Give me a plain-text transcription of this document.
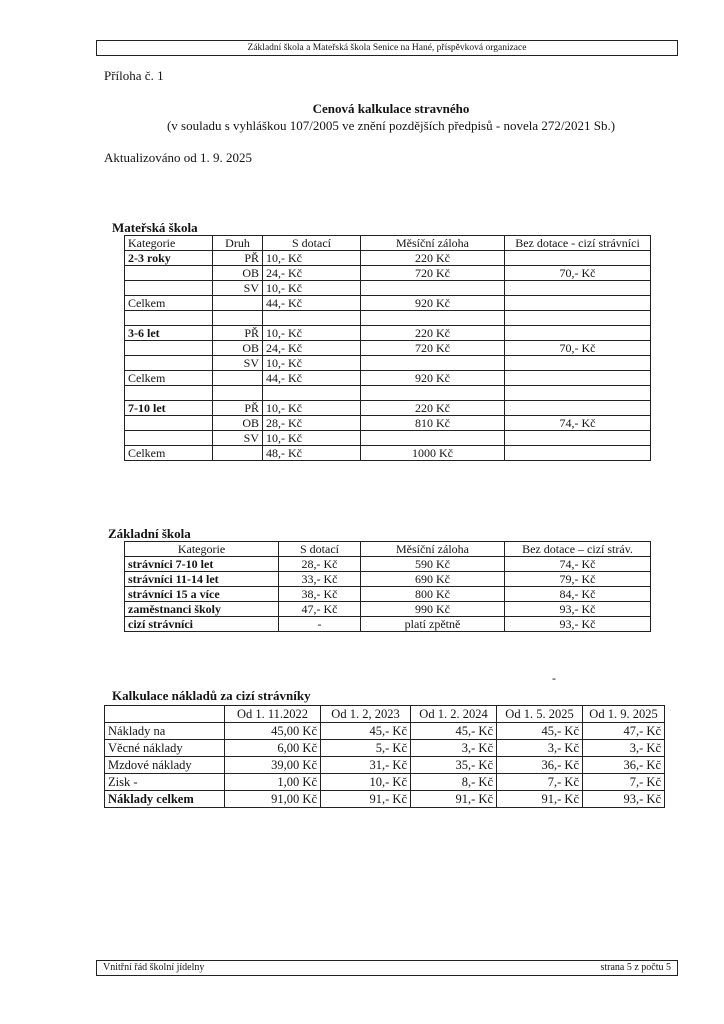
Základní škola a Mateřská škola Senice na Hané, příspěvková organizace
Příloha č. 1
Cenová kalkulace stravného
(v souladu s vyhláškou 107/2005 ve znění pozdějších předpisů - novela 272/2021 Sb.)
Aktualizováno od 1. 9. 2025
Mateřská škola
Kategorie	Druh	S dotací	Měsíční záloha	Bez dotace - cizí strávníci
2-3 roky	PŘ	10,- Kč	220 Kč	
	OB	24,- Kč	720 Kč	70,- Kč
	SV	10,- Kč		
Celkem		44,- Kč	920 Kč	

3-6 let	PŘ	10,- Kč	220 Kč	
	OB	24,- Kč	720 Kč	70,- Kč
	SV	10,- Kč		
Celkem		44,- Kč	920 Kč	

7-10 let	PŘ	10,- Kč	220 Kč	
	OB	28,- Kč	810 Kč	74,- Kč
	SV	10,- Kč		
Celkem		48,- Kč	1000 Kč	
Základní škola
Kategorie	S dotací	Měsíční záloha	Bez dotace – cizí stráv.
strávníci 7-10 let	28,- Kč	590 Kč	74,- Kč
strávníci 11-14 let	33,- Kč	690 Kč	79,- Kč
strávníci 15 a více	38,- Kč	800 Kč	84,- Kč
zaměstnanci školy	47,- Kč	990 Kč	93,- Kč
cizí strávníci	-	platí zpětně	93,- Kč
Kalkulace nákladů za cizí strávníky
	Od 1. 11.2022	Od 1. 2, 2023	Od 1. 2. 2024	Od 1. 5. 2025	Od 1. 9. 2025
Náklady na	45,00 Kč	45,- Kč	45,- Kč	45,- Kč	47,- Kč
Věcné náklady	6,00 Kč	5,- Kč	3,- Kč	3,- Kč	3,- Kč
Mzdové náklady	39,00 Kč	31,- Kč	35,- Kč	36,- Kč	36,- Kč
Zisk -	1,00 Kč	10,- Kč	8,- Kč	7,- Kč	7,- Kč
Náklady celkem	91,00 Kč	91,- Kč	91,- Kč	91,- Kč	93,- Kč
-
Vnitřní řád školní jídelny	strana 5 z počtu 5
